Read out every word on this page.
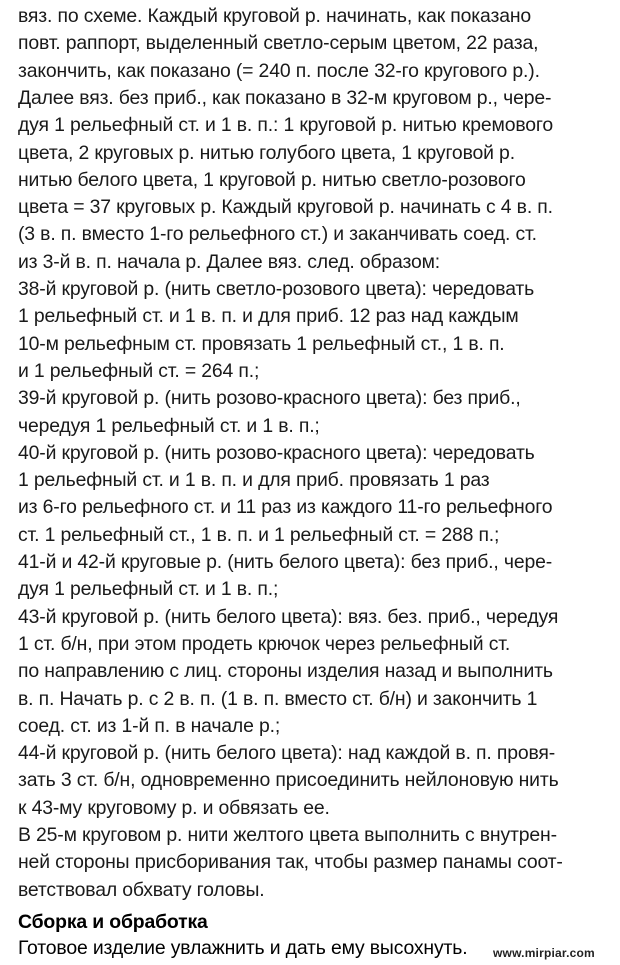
вяз. по схеме. Каждый круговой р. начинать, как показано
повт. раппорт, выделенный светло-серым цветом, 22 раза,
закончить, как показано (= 240 п. после 32-го кругового р.).
Далее вяз. без приб., как показано в 32-м круговом р., чере-
дуя 1 рельефный ст. и 1 в. п.: 1 круговой р. нитью кремового
цвета, 2 круговых р. нитью голубого цвета, 1 круговой р.
нитью белого цвета, 1 круговой р. нитью светло-розового
цвета = 37 круговых р. Каждый круговой р. начинать с 4 в. п.
(3 в. п. вместо 1-го рельефного ст.) и заканчивать соед. ст.
из 3-й в. п. начала р. Далее вяз. след. образом:
38-й круговой р. (нить светло-розового цвета): чередовать
1 рельефный ст. и 1 в. п. и для приб. 12 раз над каждым
10-м рельефным ст. провязать 1 рельефный ст., 1 в. п.
и 1 рельефный ст. = 264 п.;
39-й круговой р. (нить розово-красного цвета): без приб.,
чередуя 1 рельефный ст. и 1 в. п.;
40-й круговой р. (нить розово-красного цвета): чередовать
1 рельефный ст. и 1 в. п. и для приб. провязать 1 раз
из 6-го рельефного ст. и 11 раз из каждого 11-го рельефного
ст. 1 рельефный ст., 1 в. п. и 1 рельефный ст. = 288 п.;
41-й и 42-й круговые р. (нить белого цвета): без приб., чере-
дуя 1 рельефный ст. и 1 в. п.;
43-й круговой р. (нить белого цвета): вяз. без. приб., чередуя
1 ст. б/н, при этом продеть крючок через рельефный ст.
по направлению с лиц. стороны изделия назад и выполнить
в. п. Начать р. с 2 в. п. (1 в. п. вместо ст. б/н) и закончить 1
соед. ст. из 1-й п. в начале р.;
44-й круговой р. (нить белого цвета): над каждой в. п. провя-
зать 3 ст. б/н, одновременно присоединить нейлоновую нить
к 43-му круговому р. и обвязать ее.
В 25-м круговом р. нити желтого цвета выполнить с внутрен-
ней стороны присборивания так, чтобы размер панамы соот-
ветствовал обхвату головы.
Сборка и обработка
Готовое изделие увлажнить и дать ему высохнуть. www.mirpiar.com
